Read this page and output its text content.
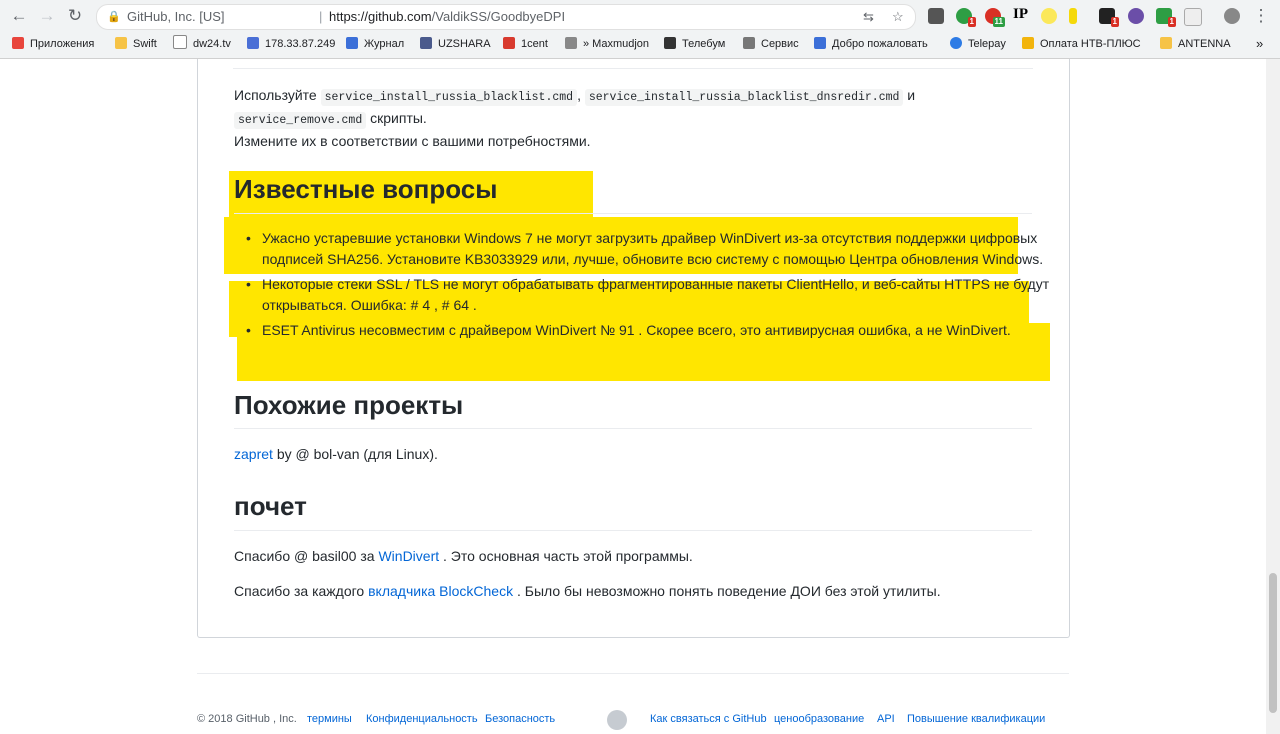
← → ↻	🔒 GitHub, Inc. [US]	| https://github.com/ValdikSS/GoodbyeDPI	⇆ ☆	1	11 IP	1	1	⋮
Приложения	Swift	dw24.tv	178.33.87.249	Журнал	UZSHARA	1cent	» Maxmudjon	Телебум	Сервис	Добро пожаловать	Telepay	Оплата НТВ-ПЛЮС	ANTENNA »
Используйте service_install_russia_blacklist.cmd , service_install_russia_blacklist_dnsredir.cmd и
service_remove.cmd скрипты.
Измените их в соответствии с вашими потребностями.
Известные вопросы
• Ужасно устаревшие установки Windows 7 не могут загрузить драйвер WinDivert из-за отсутствия поддержки цифровых подписей SHA256. Установите KB3033929 или, лучше, обновите всю систему с помощью Центра обновления Windows.
• Некоторые стеки SSL / TLS не могут обрабатывать фрагментированные пакеты ClientHello, и веб-сайты HTTPS не будут открываться. Ошибка: # 4 , # 64 .
• ESET Antivirus несовместим с драйвером WinDivert № 91 . Скорее всего, это антивирусная ошибка, а не WinDivert.
Похожие проекты
zapret by @ bol-van (для Linux).
почет
Спасибо @ basil00 за WinDivert . Это основная часть этой программы.
Спасибо за каждого вкладчика BlockCheck . Было бы невозможно понять поведение ДОИ без этой утилиты.
© 2018 GitHub , Inc. термины Конфиденциальность Безопасность	Как связаться с GitHub ценообразование API Повышение квалификации
